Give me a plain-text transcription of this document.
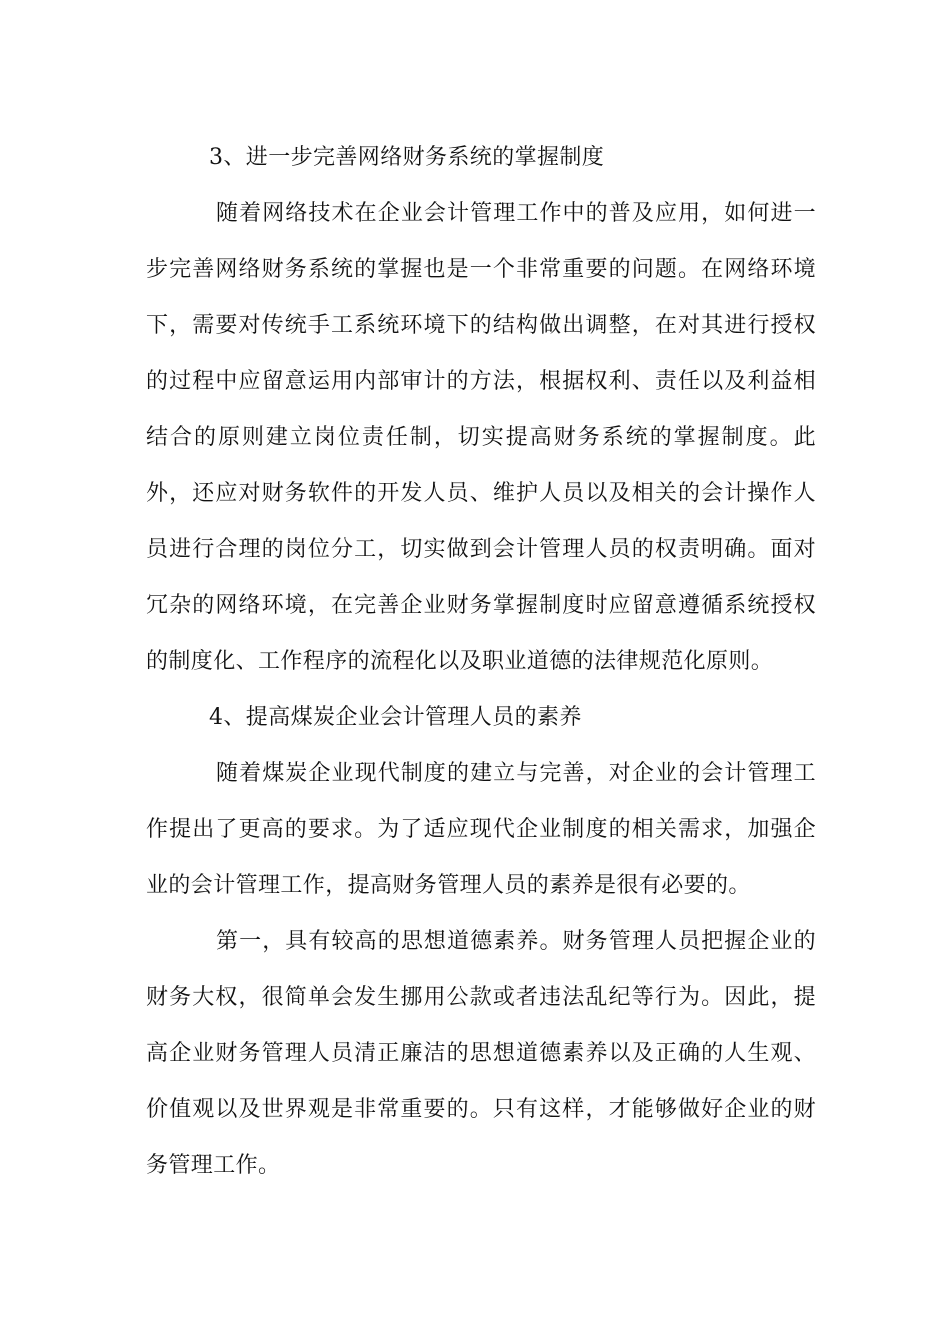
3、进一步完善网络财务系统的掌握制度

随着网络技术在企业会计管理工作中的普及应用，如何进一步完善网络财务系统的掌握也是一个非常重要的问题。在网络环境下，需要对传统手工系统环境下的结构做出调整，在对其进行授权的过程中应留意运用内部审计的方法，根据权利、责任以及利益相结合的原则建立岗位责任制，切实提高财务系统的掌握制度。此外，还应对财务软件的开发人员、维护人员以及相关的会计操作人员进行合理的岗位分工，切实做到会计管理人员的权责明确。面对冗杂的网络环境，在完善企业财务掌握制度时应留意遵循系统授权的制度化、工作程序的流程化以及职业道德的法律规范化原则。

4、提高煤炭企业会计管理人员的素养

随着煤炭企业现代制度的建立与完善，对企业的会计管理工作提出了更高的要求。为了适应现代企业制度的相关需求，加强企业的会计管理工作，提高财务管理人员的素养是很有必要的。

第一，具有较高的思想道德素养。财务管理人员把握企业的财务大权，很简单会发生挪用公款或者违法乱纪等行为。因此，提高企业财务管理人员清正廉洁的思想道德素养以及正确的人生观、价值观以及世界观是非常重要的。只有这样，才能够做好企业的财务管理工作。
